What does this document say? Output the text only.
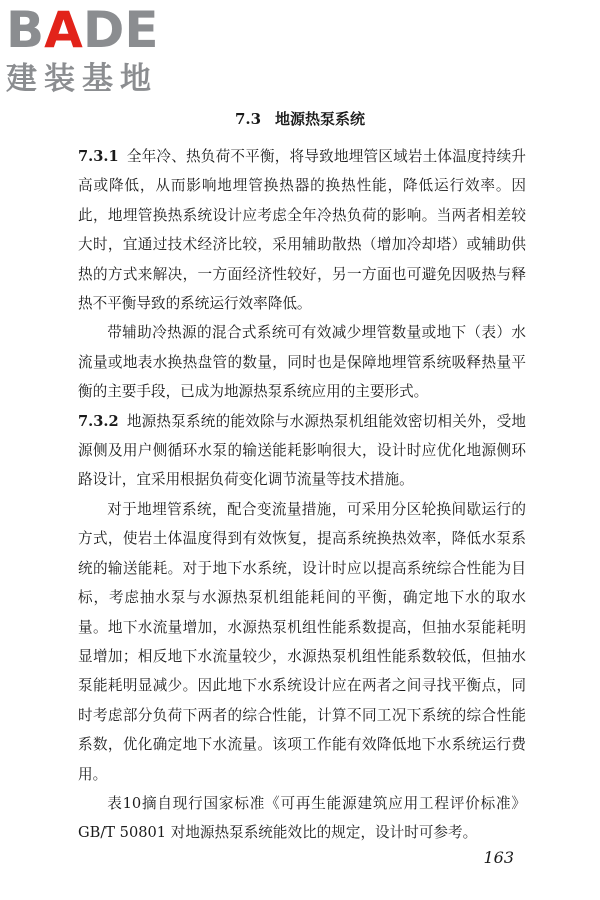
BADE
建装基地
7.3 地源热泵系统

7.3.1 全年冷、热负荷不平衡，将导致地埋管区域岩土体温度持续升高或降低，从而影响地埋管换热器的换热性能，降低运行效率。因此，地埋管换热系统设计应考虑全年冷热负荷的影响。当两者相差较大时，宜通过技术经济比较，采用辅助散热（增加冷却塔）或辅助供热的方式来解决，一方面经济性较好，另一方面也可避免因吸热与释热不平衡导致的系统运行效率降低。

带辅助冷热源的混合式系统可有效减少埋管数量或地下（表）水流量或地表水换热盘管的数量，同时也是保障地埋管系统吸释热量平衡的主要手段，已成为地源热泵系统应用的主要形式。

7.3.2 地源热泵系统的能效除与水源热泵机组能效密切相关外，受地源侧及用户侧循环水泵的输送能耗影响很大，设计时应优化地源侧环路设计，宜采用根据负荷变化调节流量等技术措施。

对于地埋管系统，配合变流量措施，可采用分区轮换间歇运行的方式，使岩土体温度得到有效恢复，提高系统换热效率，降低水泵系统的输送能耗。对于地下水系统，设计时应以提高系统综合性能为目标，考虑抽水泵与水源热泵机组能耗间的平衡，确定地下水的取水量。地下水流量增加，水源热泵机组性能系数提高，但抽水泵能耗明显增加；相反地下水流量较少，水源热泵机组性能系数较低，但抽水泵能耗明显减少。因此地下水系统设计应在两者之间寻找平衡点，同时考虑部分负荷下两者的综合性能，计算不同工况下系统的综合性能系数，优化确定地下水流量。该项工作能有效降低地下水系统运行费用。

表10摘自现行国家标准《可再生能源建筑应用工程评价标准》GB/T 50801 对地源热泵系统能效比的规定，设计时可参考。

163
